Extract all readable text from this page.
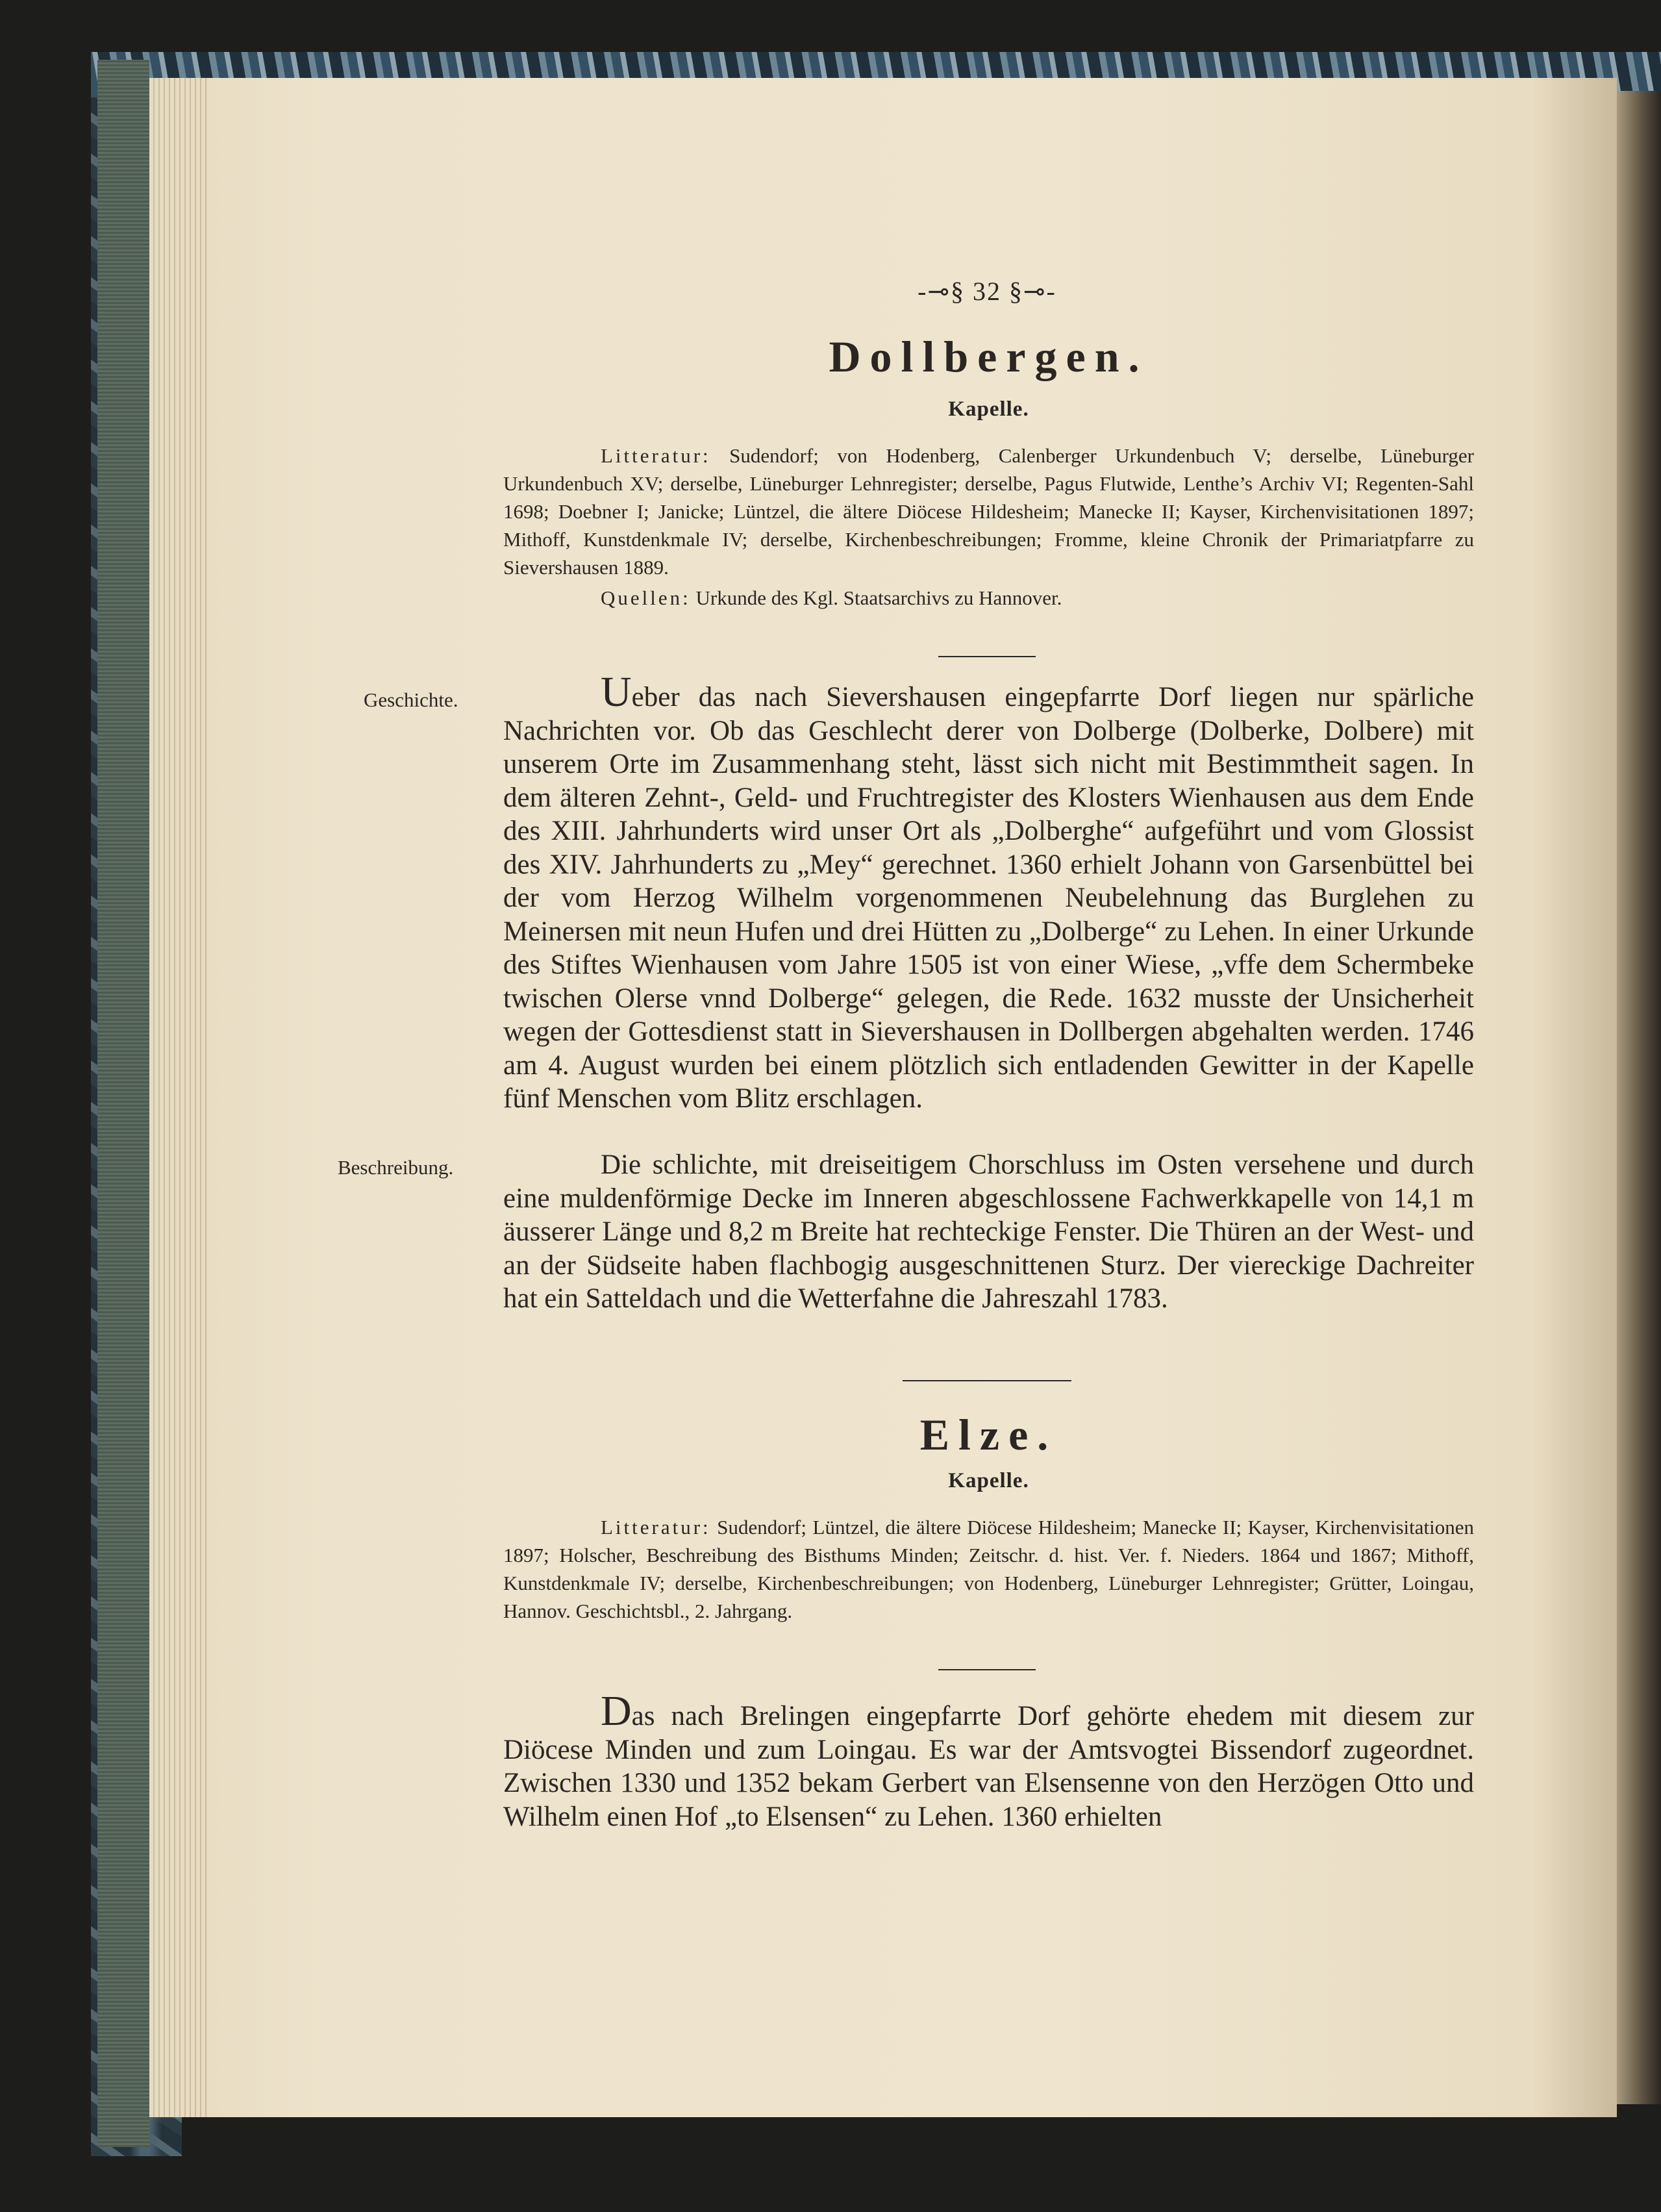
-⊸§ 32 §⊸-
Dollbergen.
Kapelle.

Litteratur: Sudendorf; von Hodenberg, Calenberger Urkundenbuch V; derselbe, Lüneburger Urkundenbuch XV; derselbe, Lüneburger Lehnregister; derselbe, Pagus Flutwide, Lenthe’s Archiv VI; Regenten-Sahl 1698; Doebner I; Janicke; Lüntzel, die ältere Diöcese Hildesheim; Manecke II; Kayser, Kirchenvisitationen 1897; Mithoff, Kunstdenkmale IV; derselbe, Kirchenbeschreibungen; Fromme, kleine Chronik der Primariatpfarre zu Sievershausen 1889.

Quellen: Urkunde des Kgl. Staatsarchivs zu Hannover.

Geschichte.	Ueber das nach Sievershausen eingepfarrte Dorf liegen nur spärliche Nachrichten vor. Ob das Geschlecht derer von Dolberge (Dolberke, Dolbere) mit unserem Orte im Zusammenhang steht, lässt sich nicht mit Bestimmtheit sagen. In dem älteren Zehnt-, Geld- und Fruchtregister des Klosters Wienhausen aus dem Ende des XIII. Jahrhunderts wird unser Ort als „Dolberghe“ aufgeführt und vom Glossist des XIV. Jahrhunderts zu „Mey“ gerechnet. 1360 erhielt Johann von Garsenbüttel bei der vom Herzog Wilhelm vorgenommenen Neubelehnung das Burglehen zu Meinersen mit neun Hufen und drei Hütten zu „Dolberge“ zu Lehen. In einer Urkunde des Stiftes Wienhausen vom Jahre 1505 ist von einer Wiese, „vffe dem Schermbeke twischen Olerse vnnd Dolberge“ gelegen, die Rede. 1632 musste der Unsicherheit wegen der Gottesdienst statt in Sievershausen in Dollbergen abgehalten werden. 1746 am 4. August wurden bei einem plötzlich sich entladenden Gewitter in der Kapelle fünf Menschen vom Blitz erschlagen.

Beschreibung.	Die schlichte, mit dreiseitigem Chorschluss im Osten versehene und durch eine muldenförmige Decke im Inneren abgeschlossene Fachwerkkapelle von 14,1 m äusserer Länge und 8,2 m Breite hat rechteckige Fenster. Die Thüren an der West- und an der Südseite haben flachbogig ausgeschnittenen Sturz. Der viereckige Dachreiter hat ein Satteldach und die Wetterfahne die Jahreszahl 1783.

Elze.
Kapelle.

Litteratur: Sudendorf; Lüntzel, die ältere Diöcese Hildesheim; Manecke II; Kayser, Kirchenvisitationen 1897; Holscher, Beschreibung des Bisthums Minden; Zeitschr. d. hist. Ver. f. Nieders. 1864 und 1867; Mithoff, Kunstdenkmale IV; derselbe, Kirchenbeschreibungen; von Hodenberg, Lüneburger Lehnregister; Grütter, Loingau, Hannov. Geschichtsbl., 2. Jahrgang.

Das nach Brelingen eingepfarrte Dorf gehörte ehedem mit diesem zur Diöcese Minden und zum Loingau. Es war der Amtsvogtei Bissendorf zugeordnet. Zwischen 1330 und 1352 bekam Gerbert van Elsensenne von den Herzögen Otto und Wilhelm einen Hof „to Elsensen“ zu Lehen. 1360 erhielten
